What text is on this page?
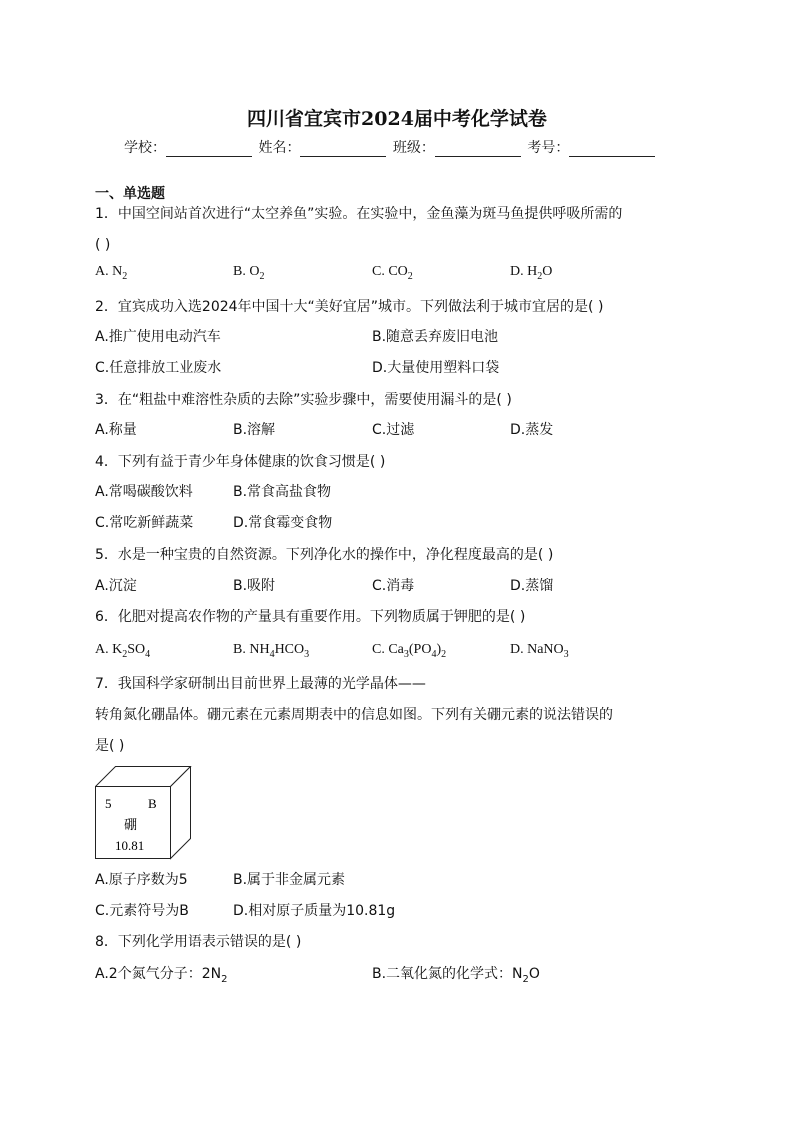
四川省宜宾市2024届中考化学试卷
学校：	姓名：	班级：	考号：
一、单选题
1．中国空间站首次进行“太空养鱼”实验。在实验中，金鱼藻为斑马鱼提供呼吸所需的
( )
A. $N_2$	B. $O_2$	C. $CO_2$	D. $H_2O$
2．宜宾成功入选2024年中国十大“美好宜居”城市。下列做法利于城市宜居的是( )
A.推广使用电动汽车	B.随意丢弃废旧电池
C.任意排放工业废水	D.大量使用塑料口袋
3．在“粗盐中难溶性杂质的去除”实验步骤中，需要使用漏斗的是( )
A.称量	B.溶解	C.过滤	D.蒸发
4．下列有益于青少年身体健康的饮食习惯是( )
A.常喝碳酸饮料	B.常食高盐食物
C.常吃新鲜蔬菜	D.常食霉变食物
5．水是一种宝贵的自然资源。下列净化水的操作中，净化程度最高的是( )
A.沉淀	B.吸附	C.消毒	D.蒸馏
6．化肥对提高农作物的产量具有重要作用。下列物质属于钾肥的是( )
A. $K_2SO_4$	B. $NH_4HCO_3$	C. $Ca_3(PO_4)_2$	D. NaNO$_3$
7．我国科学家研制出目前世界上最薄的光学晶体——
转角氮化硼晶体。硼元素在元素周期表中的信息如图。下列有关硼元素的说法错误的
是( )
5	B
硼
10.81
A.原子序数为5	B.属于非金属元素
C.元素符号为B	D.相对原子质量为10.81g
8．下列化学用语表示错误的是( )
A.2个氮气分子：$2N_2$	B.二氧化氮的化学式：$N_2O$
